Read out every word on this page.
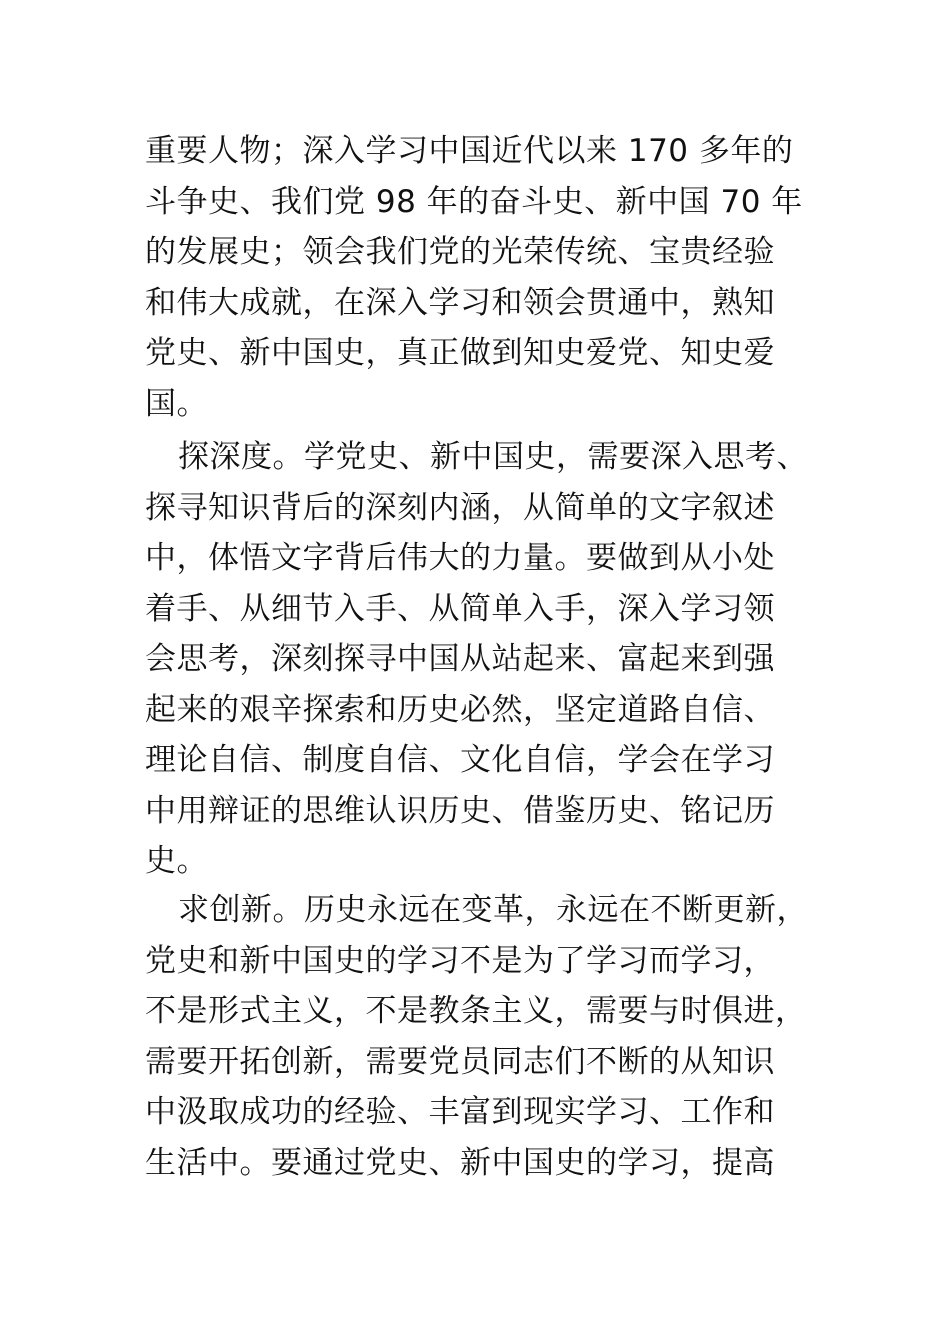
重要人物；深入学习中国近代以来 170 多年的
斗争史、我们党 98 年的奋斗史、新中国 70 年
的发展史；领会我们党的光荣传统、宝贵经验
和伟大成就，在深入学习和领会贯通中，熟知
党史、新中国史，真正做到知史爱党、知史爱
国。
探深度。学党史、新中国史，需要深入思考、
探寻知识背后的深刻内涵，从简单的文字叙述
中，体悟文字背后伟大的力量。要做到从小处
着手、从细节入手、从简单入手，深入学习领
会思考，深刻探寻中国从站起来、富起来到强
起来的艰辛探索和历史必然，坚定道路自信、
理论自信、制度自信、文化自信，学会在学习
中用辩证的思维认识历史、借鉴历史、铭记历
史。
求创新。历史永远在变革，永远在不断更新，
党史和新中国史的学习不是为了学习而学习，
不是形式主义，不是教条主义，需要与时俱进，
需要开拓创新，需要党员同志们不断的从知识
中汲取成功的经验、丰富到现实学习、工作和
生活中。要通过党史、新中国史的学习，提高
